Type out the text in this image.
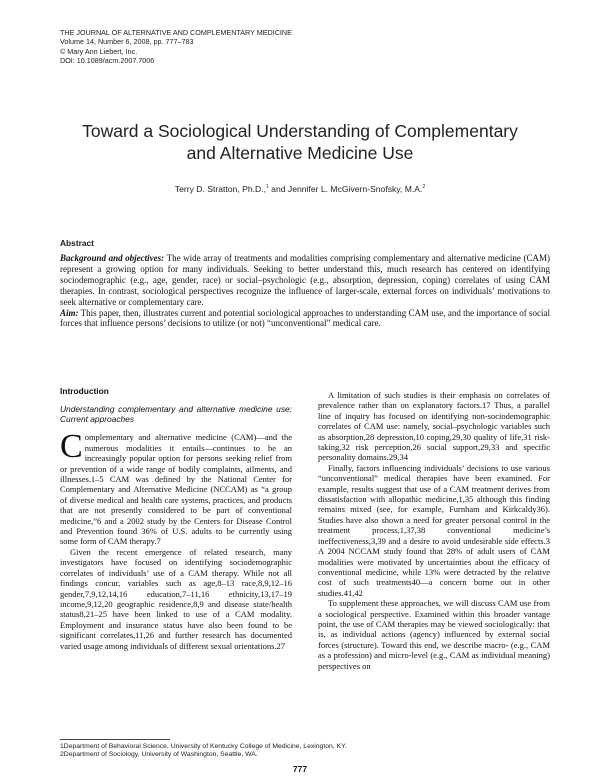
THE JOURNAL OF ALTERNATIVE AND COMPLEMENTARY MEDICINE
Volume 14, Number 6, 2008, pp. 777–783
© Mary Ann Liebert, Inc.
DOI: 10.1089/acm.2007.7006
Toward a Sociological Understanding of Complementary
and Alternative Medicine Use
Terry D. Stratton, Ph.D.,$^1$ and Jennifer L. McGivern-Snofsky, M.A.$^2$
Abstract

Background and objectives: The wide array of treatments and modalities comprising complementary and alternative medicine (CAM) represent a growing option for many individuals. Seeking to better understand this, much research has centered on identifying sociodemographic (e.g., age, gender, race) or social–psychologic (e.g., absorption, depression, coping) correlates of using CAM therapies. In contrast, sociological perspectives recognize the influence of larger-scale, external forces on individuals’ motivations to seek alternative or complementary care.

Aim: This paper, then, illustrates current and potential sociological approaches to understanding CAM use, and the importance of social forces that influence persons’ decisions to utilize (or not) “unconventional” medical care.

Introduction
Understanding complementary and alternative medicine use: Current approaches

Complementary and alternative medicine (CAM)—and the numerous modalities it entails—continues to be an increasingly popular option for persons seeking relief from or prevention of a wide range of bodily complaints, ailments, and illnesses.1–5 CAM was defined by the National Center for Complementary and Alternative Medicine (NCCAM) as “a group of diverse medical and health care systems, practices, and products that are not presently considered to be part of conventional medicine,”6 and a 2002 study by the Centers for Disease Control and Prevention found 36% of U.S. adults to be currently using some form of CAM therapy.7

Given the recent emergence of related research, many investigators have focused on identifying sociodemographic correlates of individuals’ use of a CAM therapy. While not all findings concur, variables such as age,8–13 race,8,9,12–16 gender,7,9,12,14,16 education,7–11,16 ethnicity,13,17–19 income,9,12,20 geographic residence,8,9 and disease state/health status8,21–25 have been linked to use of a CAM modality. Employment and insurance status have also been found to be significant correlates,11,26 and further research has documented varied usage among individuals of different sexual orientations.27

A limitation of such studies is their emphasis on correlates of prevalence rather than on explanatory factors.17 Thus, a parallel line of inquiry has focused on identifying non-sociodemographic correlates of CAM use: namely, social–psychologic variables such as absorption,28 depression,10 coping,29,30 quality of life,31 risk-taking,32 risk perception,26 social support,29,33 and specific personality domains.29,34

Finally, factors influencing individuals’ decisions to use various “unconventional” medical therapies have been examined. For example, results suggest that use of a CAM treatment derives from dissatisfaction with allopathic medicine,1,35 although this finding remains mixed (see, for example, Furnham and Kirkcaldy36). Studies have also shown a need for greater personal control in the treatment process,1,37,38 conventional medicine’s ineffectiveness,3,39 and a desire to avoid undesirable side effects.3 A 2004 NCCAM study found that 28% of adult users of CAM modalities were motivated by uncertainties about the efficacy of conventional medicine, while 13% were detracted by the relative cost of such treatments40—a concern borne out in other studies.41,42

To supplement these approaches, we will discuss CAM use from a sociological perspective. Examined within this broader vantage point, the use of CAM therapies may be viewed sociologically: that is, as individual actions (agency) influenced by external social forces (structure). Toward this end, we describe macro- (e.g., CAM as a profession) and micro-level (e.g., CAM as individual meaning) perspectives on

1Department of Behavioral Science, University of Kentucky College of Medicine, Lexington, KY.
2Department of Sociology, University of Washington, Seattle, WA.
777
